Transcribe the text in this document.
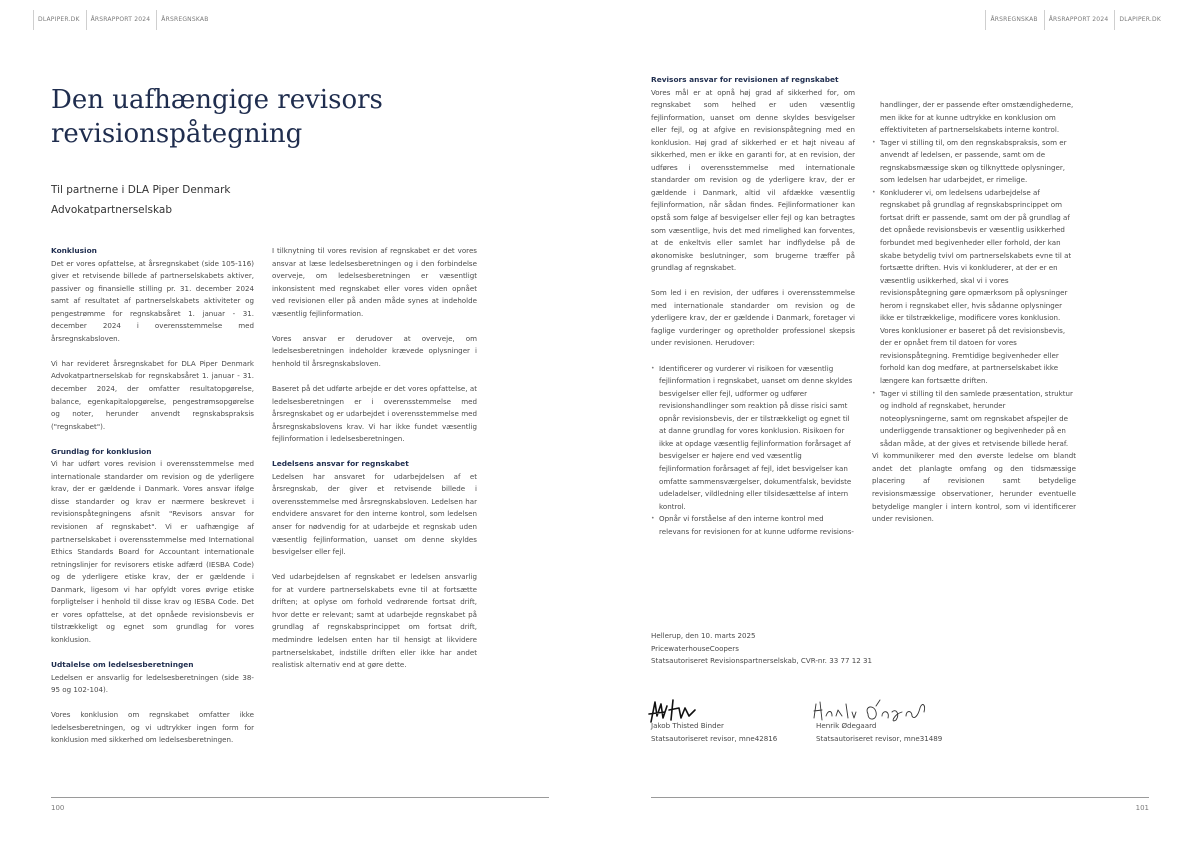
DLAPIPER.DK	ÅRSRAPPORT 2024	ÅRSREGNSKAB	ÅRSREGNSKAB	ÅRSRAPPORT 2024	DLAPIPER.DK
Den uafhængige revisors
revisionspåtegning
Til partnerne i DLA Piper Denmark
Advokatpartnerselskab
Konklusion

Det er vores opfattelse, at årsregnskabet (side 105-116) giver et retvisende billede af partnerselskabets aktiver, passiver og finansielle stilling pr. 31. december 2024 samt af resultatet af partnerselskabets aktiviteter og pengestrømme for regnskabsåret 1. januar - 31. december 2024 i overensstemmelse med årsregnskabsloven.

Vi har revideret årsregnskabet for DLA Piper Denmark Advokatpartnerselskab for regnskabsåret 1. januar - 31. december 2024, der omfatter resultatopgørelse, balance, egenkapitalopgørelse, pengestrømsopgørelse og noter, herunder anvendt regnskabspraksis ("regnskabet").

Grundlag for konklusion

Vi har udført vores revision i overensstemmelse med internationale standarder om revision og de yderligere krav, der er gældende i Danmark. Vores ansvar ifølge disse standarder og krav er nærmere beskrevet i revisionspåtegningens afsnit "Revisors ansvar for revisionen af regnskabet". Vi er uafhængige af partnerselskabet i overensstemmelse med International Ethics Standards Board for Accountant internationale retningslinjer for revisorers etiske adfærd (IESBA Code) og de yderligere etiske krav, der er gældende i Danmark, ligesom vi har opfyldt vores øvrige etiske forpligtelser i henhold til disse krav og IESBA Code. Det er vores opfattelse, at det opnåede revisionsbevis er tilstrækkeligt og egnet som grundlag for vores konklusion.

Udtalelse om ledelsesberetningen

Ledelsen er ansvarlig for ledelsesberetningen (side 38-95 og 102-104).

Vores konklusion om regnskabet omfatter ikke ledelsesberetningen, og vi udtrykker ingen form for konklusion med sikkerhed om ledelsesberetningen.

I tilknytning til vores revision af regnskabet er det vores ansvar at læse ledelsesberetningen og i den forbindelse overveje, om ledelsesberetningen er væsentligt inkonsistent med regnskabet eller vores viden opnået ved revisionen eller på anden måde synes at indeholde væsentlig fejlinformation.

Vores ansvar er derudover at overveje, om ledelsesberetningen indeholder krævede oplysninger i henhold til årsregnskabsloven.

Baseret på det udførte arbejde er det vores opfattelse, at ledelsesberetningen er i overensstemmelse med årsregnskabet og er udarbejdet i overensstemmelse med årsregnskabslovens krav. Vi har ikke fundet væsentlig fejlinformation i ledelsesberetningen.

Ledelsens ansvar for regnskabet

Ledelsen har ansvaret for udarbejdelsen af et årsregnskab, der giver et retvisende billede i overensstemmelse med årsregnskabsloven. Ledelsen har endvidere ansvaret for den interne kontrol, som ledelsen anser for nødvendig for at udarbejde et regnskab uden væsentlig fejlinformation, uanset om denne skyldes besvigelser eller fejl.

Ved udarbejdelsen af regnskabet er ledelsen ansvarlig for at vurdere partnerselskabets evne til at fortsætte driften; at oplyse om forhold vedrørende fortsat drift, hvor dette er relevant; samt at udarbejde regnskabet på grundlag af regnskabsprincippet om fortsat drift, medmindre ledelsen enten har til hensigt at likvidere partnerselskabet, indstille driften eller ikke har andet realistisk alternativ end at gøre dette.

Revisors ansvar for revisionen af regnskabet

Vores mål er at opnå høj grad af sikkerhed for, om regnskabet som helhed er uden væsentlig fejlinformation, uanset om denne skyldes besvigelser eller fejl, og at afgive en revisionspåtegning med en konklusion. Høj grad af sikkerhed er et højt niveau af sikkerhed, men er ikke en garanti for, at en revision, der udføres i overensstemmelse med internationale standarder om revision og de yderligere krav, der er gældende i Danmark, altid vil afdække væsentlig fejlinformation, når sådan findes. Fejlinformationer kan opstå som følge af besvigelser eller fejl og kan betragtes som væsentlige, hvis det med rimelighed kan forventes, at de enkeltvis eller samlet har indflydelse på de økonomiske beslutninger, som brugerne træffer på grundlag af regnskabet.

Som led i en revision, der udføres i overensstemmelse med internationale standarder om revision og de yderligere krav, der er gældende i Danmark, foretager vi faglige vurderinger og opretholder professionel skepsis under revisionen. Herudover:

• Identificerer og vurderer vi risikoen for væsentlig fejlinformation i regnskabet, uanset om denne skyldes besvigelser eller fejl, udformer og udfører revisionshandlinger som reaktion på disse risici samt opnår revisionsbevis, der er tilstrækkeligt og egnet til at danne grundlag for vores konklusion. Risikoen for ikke at opdage væsentlig fejlinformation forårsaget af besvigelser er højere end ved væsentlig fejlinformation forårsaget af fejl, idet besvigelser kan omfatte sammensværgelser, dokumentfalsk, bevidste udeladelser, vildledning eller tilsidesættelse af intern kontrol.
• Opnår vi forståelse af den interne kontrol med relevans for revisionen for at kunne udforme revisions-

handlinger, der er passende efter omstændighederne, men ikke for at kunne udtrykke en konklusion om effektiviteten af partnerselskabets interne kontrol.

• Tager vi stilling til, om den regnskabspraksis, som er anvendt af ledelsen, er passende, samt om de regnskabsmæssige skøn og tilknyttede oplysninger, som ledelsen har udarbejdet, er rimelige.
• Konkluderer vi, om ledelsens udarbejdelse af regnskabet på grundlag af regnskabsprincippet om fortsat drift er passende, samt om der på grundlag af det opnåede revisionsbevis er væsentlig usikkerhed forbundet med begivenheder eller forhold, der kan skabe betydelig tvivl om partnerselskabets evne til at fortsætte driften. Hvis vi konkluderer, at der er en væsentlig usikkerhed, skal vi i vores revisionspåtegning gøre opmærksom på oplysninger herom i regnskabet eller, hvis sådanne oplysninger ikke er tilstrækkelige, modificere vores konklusion. Vores konklusioner er baseret på det revisionsbevis, der er opnået frem til datoen for vores revisionspåtegning. Fremtidige begivenheder eller forhold kan dog medføre, at partnerselskabet ikke længere kan fortsætte driften.
• Tager vi stilling til den samlede præsentation, struktur og indhold af regnskabet, herunder noteoplysningerne, samt om regnskabet afspejler de underliggende transaktioner og begivenheder på en sådan måde, at der gives et retvisende billede heraf.

Vi kommunikerer med den øverste ledelse om blandt andet det planlagte omfang og den tidsmæssige placering af revisionen samt betydelige revisionsmæssige observationer, herunder eventuelle betydelige mangler i intern kontrol, som vi identificerer under revisionen.

Hellerup, den 10. marts 2025
PricewaterhouseCoopers
Statsautoriseret Revisionspartnerselskab, CVR-nr. 33 77 12 31
Jakob Thisted Binder
Statsautoriseret revisor, mne42816
Henrik Ødegaard
Statsautoriseret revisor, mne31489
100	101
